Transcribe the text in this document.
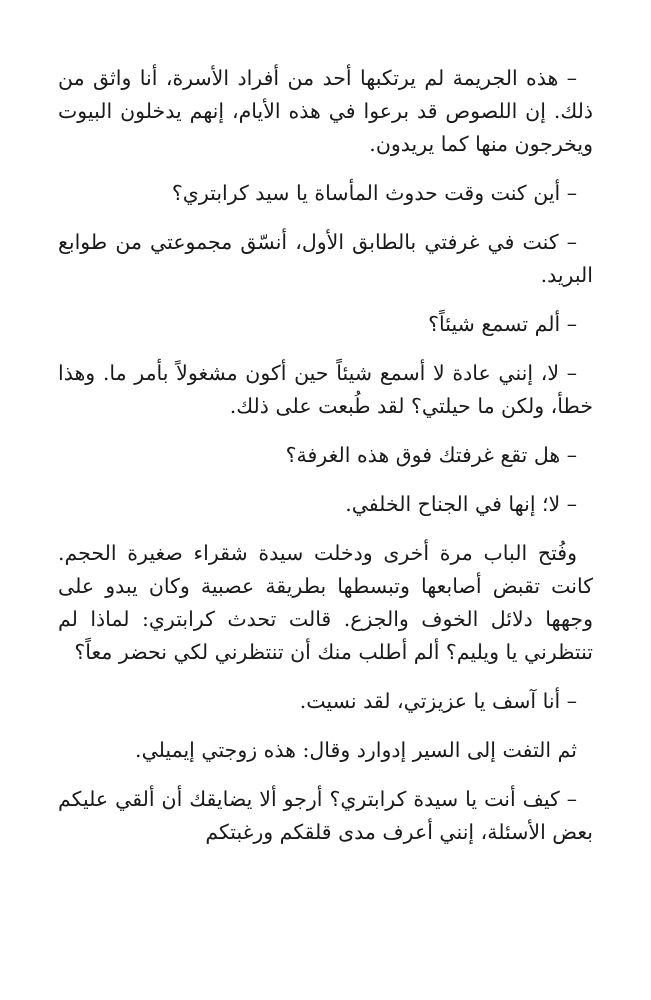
– هذه الجريمة لم يرتكبها أحد من أفراد الأسرة، أنا واثق من ذلك. إن اللصوص قد برعوا في هذه الأيام، إنهم يدخلون البيوت ويخرجون منها كما يريدون.

– أين كنت وقت حدوث المأساة يا سيد كرابتري؟

– كنت في غرفتي بالطابق الأول، أنسّق مجموعتي من طوابع البريد.

– ألم تسمع شيئاً؟

– لا، إنني عادة لا أسمع شيئاً حين أكون مشغولاً بأمر ما. وهذا خطأ، ولكن ما حيلتي؟ لقد طُبعت على ذلك.

– هل تقع غرفتك فوق هذه الغرفة؟

– لا؛ إنها في الجناح الخلفي.

وفُتح الباب مرة أخرى ودخلت سيدة شقراء صغيرة الحجم. كانت تقبض أصابعها وتبسطها بطريقة عصبية وكان يبدو على وجهها دلائل الخوف والجزع. قالت تحدث كرابتري: لماذا لم تنتظرني يا ويليم؟ ألم أطلب منك أن تنتظرني لكي نحضر معاً؟

– أنا آسف يا عزيزتي، لقد نسيت.

ثم التفت إلى السير إدوارد وقال: هذه زوجتي إيميلي.

– كيف أنت يا سيدة كرابتري؟ أرجو ألا يضايقك أن ألقي عليكم بعض الأسئلة، إنني أعرف مدى قلقكم ورغبتكم
